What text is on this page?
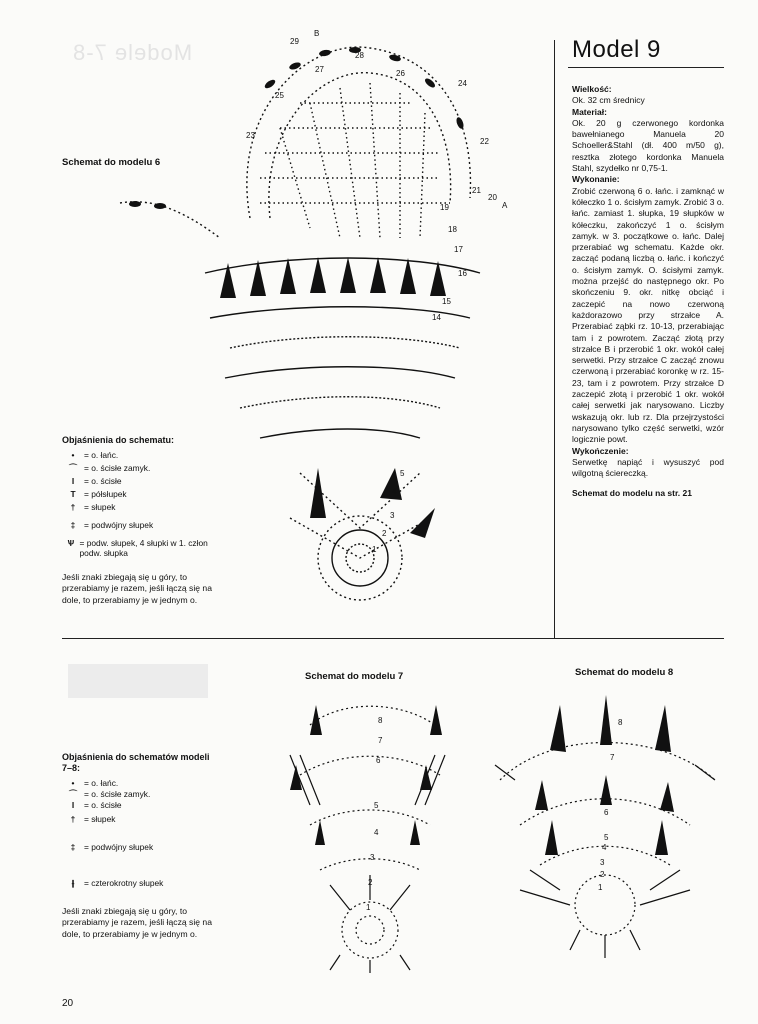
Modele 7-8	Model 9

Wielkość:

Ok. 32 cm średnicy

Materiał:

Ok. 20 g czerwonego kordonka bawełnianego Manuela 20 Schoeller&Stahl (dł. 400 m/50 g), resztka złotego kordonka Manuela Stahl, szydełko nr 0,75-1.

Wykonanie:

Zrobić czerwoną 6 o. łańc. i zamknąć w kółeczko 1 o. ścisłym zamyk. Zrobić 3 o. łańc. zamiast 1. słupka, 19 słupków w kółeczku, zakończyć 1 o. ścisłym zamyk. w 3. początkowe o. łańc. Dalej przerabiać wg schematu. Każde okr. zacząć podaną liczbą o. łańc. i kończyć o. ścisłym zamyk. O. ścisłymi zamyk. można przejść do następnego okr. Po skończeniu 9. okr. nitkę obciąć i zaczepić na nowo czerwoną każdorazowo przy strzałce A. Przerabiać ząbki rz. 10-13, przerabiając tam i z powrotem. Zacząć złotą przy strzałce B i przerobić 1 okr. wokół całej serwetki. Przy strzałce C zacząć znowu czerwoną i przerabiać koronkę w rz. 15-23, tam i z powrotem. Przy strzałce D zaczepić złotą i przerobić 1 okr. wokół całej serwetki jak narysowano. Liczby wskazują okr. lub rz. Dla przejrzystości narysowano tylko część serwetki, wzór logicznie powt.

Wykończenie:

Serwetkę napiąć i wysuszyć pod wilgotną ściereczką.

Schemat do modelu na str. 21

Schemat do modelu 6
29
B
28
27	26
25
24
23
22
21
20
A
19
18
17
16
15
14
5
4
3
2
1
Objaśnienia do schematu:
•	= o. łańc.
⌒ = o. ścisłe zamyk.
I	= o. ścisłe
T	= półsłupek
†	= słupek
‡	= podwójny słupek
Ѱ = podw. słupek, 4 słupki w 1. człon podw. słupka
Jeśli znaki zbiegają się u góry, to przerabiamy je razem, jeśli łączą się na dole, to przerabiamy je w jednym o.
Schemat do modelu 7	Schemat do modelu 8
8
7
6
5
4
3
2
1
8
7
6
5
4
3
2
1
Objaśnienia do schematów modeli 7–8:
•	= o. łańc.
⌒ = o. ścisłe zamyk.
I	= o. ścisłe
†	= słupek
‡	= podwójny słupek
⫲	= czterokrotny słupek
Jeśli znaki zbiegają się u góry, to przerabiamy je razem, jeśli łączą się na dole, to przerabiamy je w jednym o.
20
